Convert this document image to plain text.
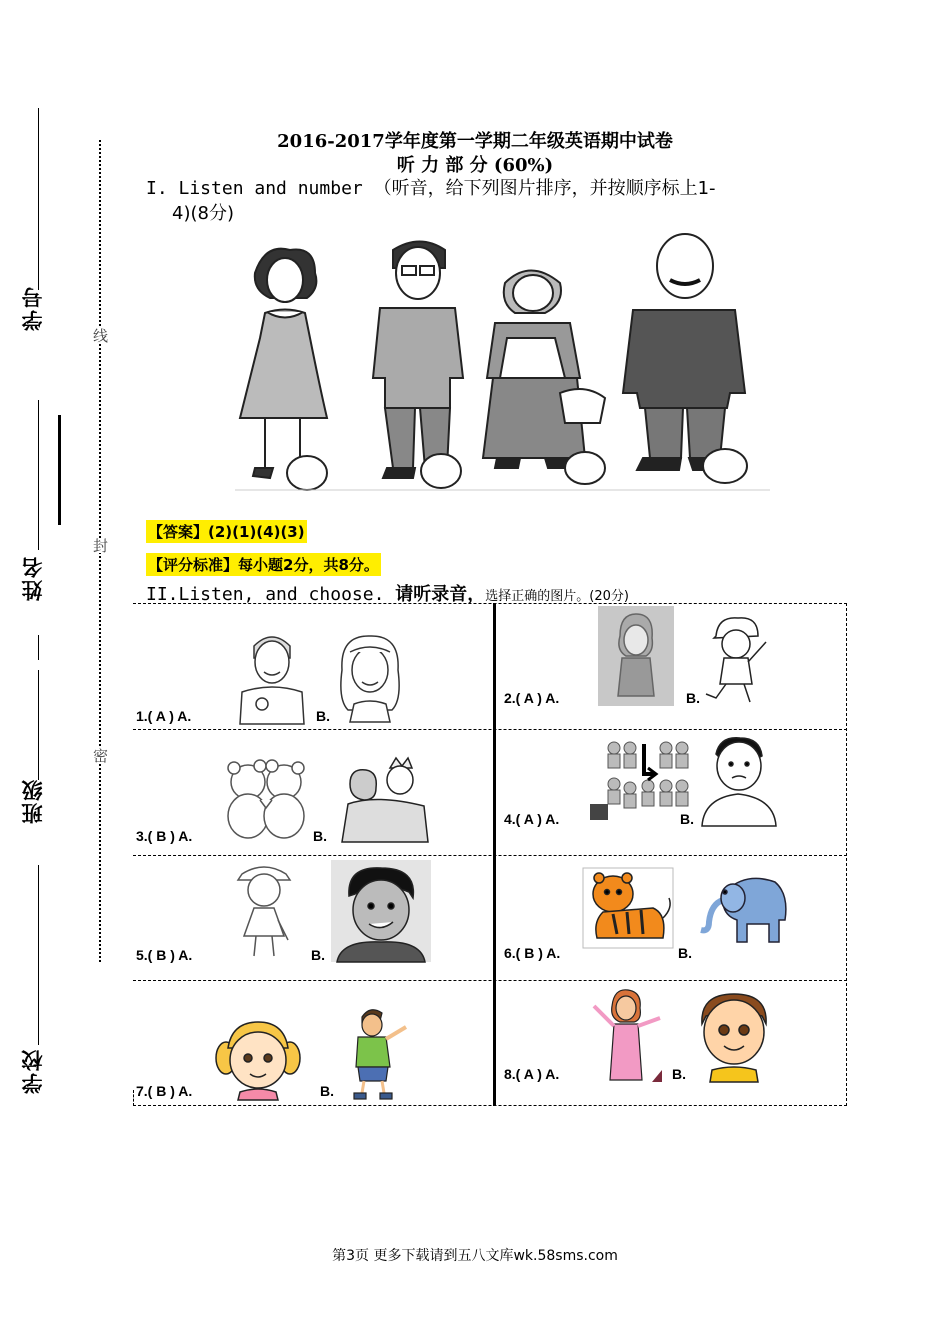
学号
姓名
班级
学校
线
封
密
2016-2017学年度第一学期二年级英语期中试卷
听 力 部 分 (60%)
I. Listen and number （听音，给下列图片排序，并按顺序标上1-
4)(8分)
【答案】(2)(1)(4)(3)
【评分标准】每小题2分，共8分。
II.Listen, and choose. 请听录音，选择正确的图片。(20分)
1.( A ) A.	B.
2.( A ) A.	B.
3.( B ) A.	B.
4.( A ) A.	B.
5.( B ) A.	B.	6.( B ) A.	B.
7.( B ) A.	B.
8.( A ) A.	B.
第3页 更多下载请到五八文库wk.58sms.com
